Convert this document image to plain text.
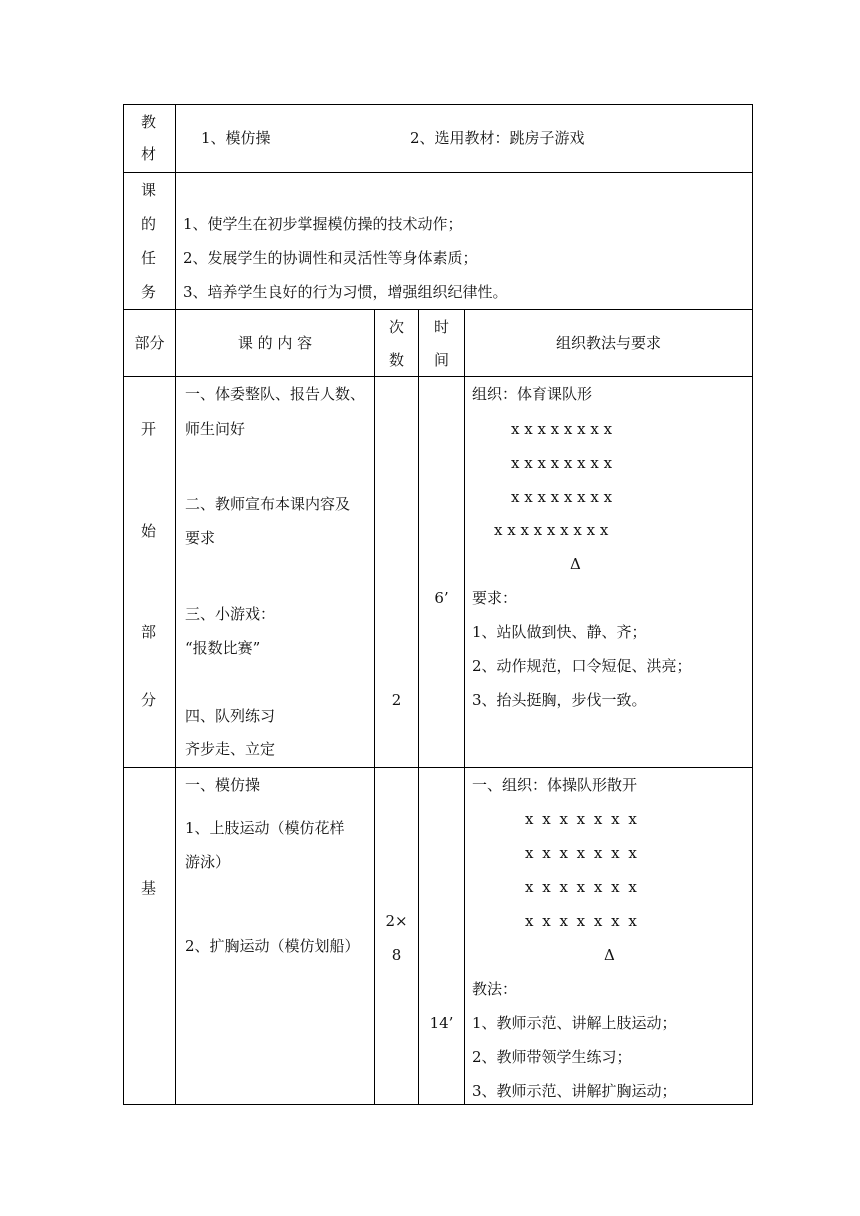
教
材
1、模仿操	2、选用教材：跳房子游戏
课
的
任
务
1、使学生在初步掌握模仿操的技术动作；
2、发展学生的协调性和灵活性等身体素质；
3、培养学生良好的行为习惯，增强组织纪律性。
部分	课 的 内 容
次
数
时
间
组织教法与要求
开
始
部
分
一、体委整队、报告人数、
师生问好
二、教师宣布本课内容及
要求
三、小游戏：
“报数比赛”
四、队列练习
齐步走、立定
2
6’
组织：体育课队形
x x x x x x x x
x x x x x x x x
x x x x x x x x
x x x x x x x x x
Δ
要求：
1、站队做到快、静、齐；
2、动作规范，口令短促、洪亮；
3、抬头挺胸，步伐一致。
基
一、模仿操
1、上肢运动（模仿花样
游泳）
2、扩胸运动（模仿划船）
2×
8
14’
一、组织：体操队形散开
x x x x x x x
x x x x x x x
x x x x x x x
x x x x x x x
Δ
教法：
1、教师示范、讲解上肢运动；
2、教师带领学生练习；
3、教师示范、讲解扩胸运动；
